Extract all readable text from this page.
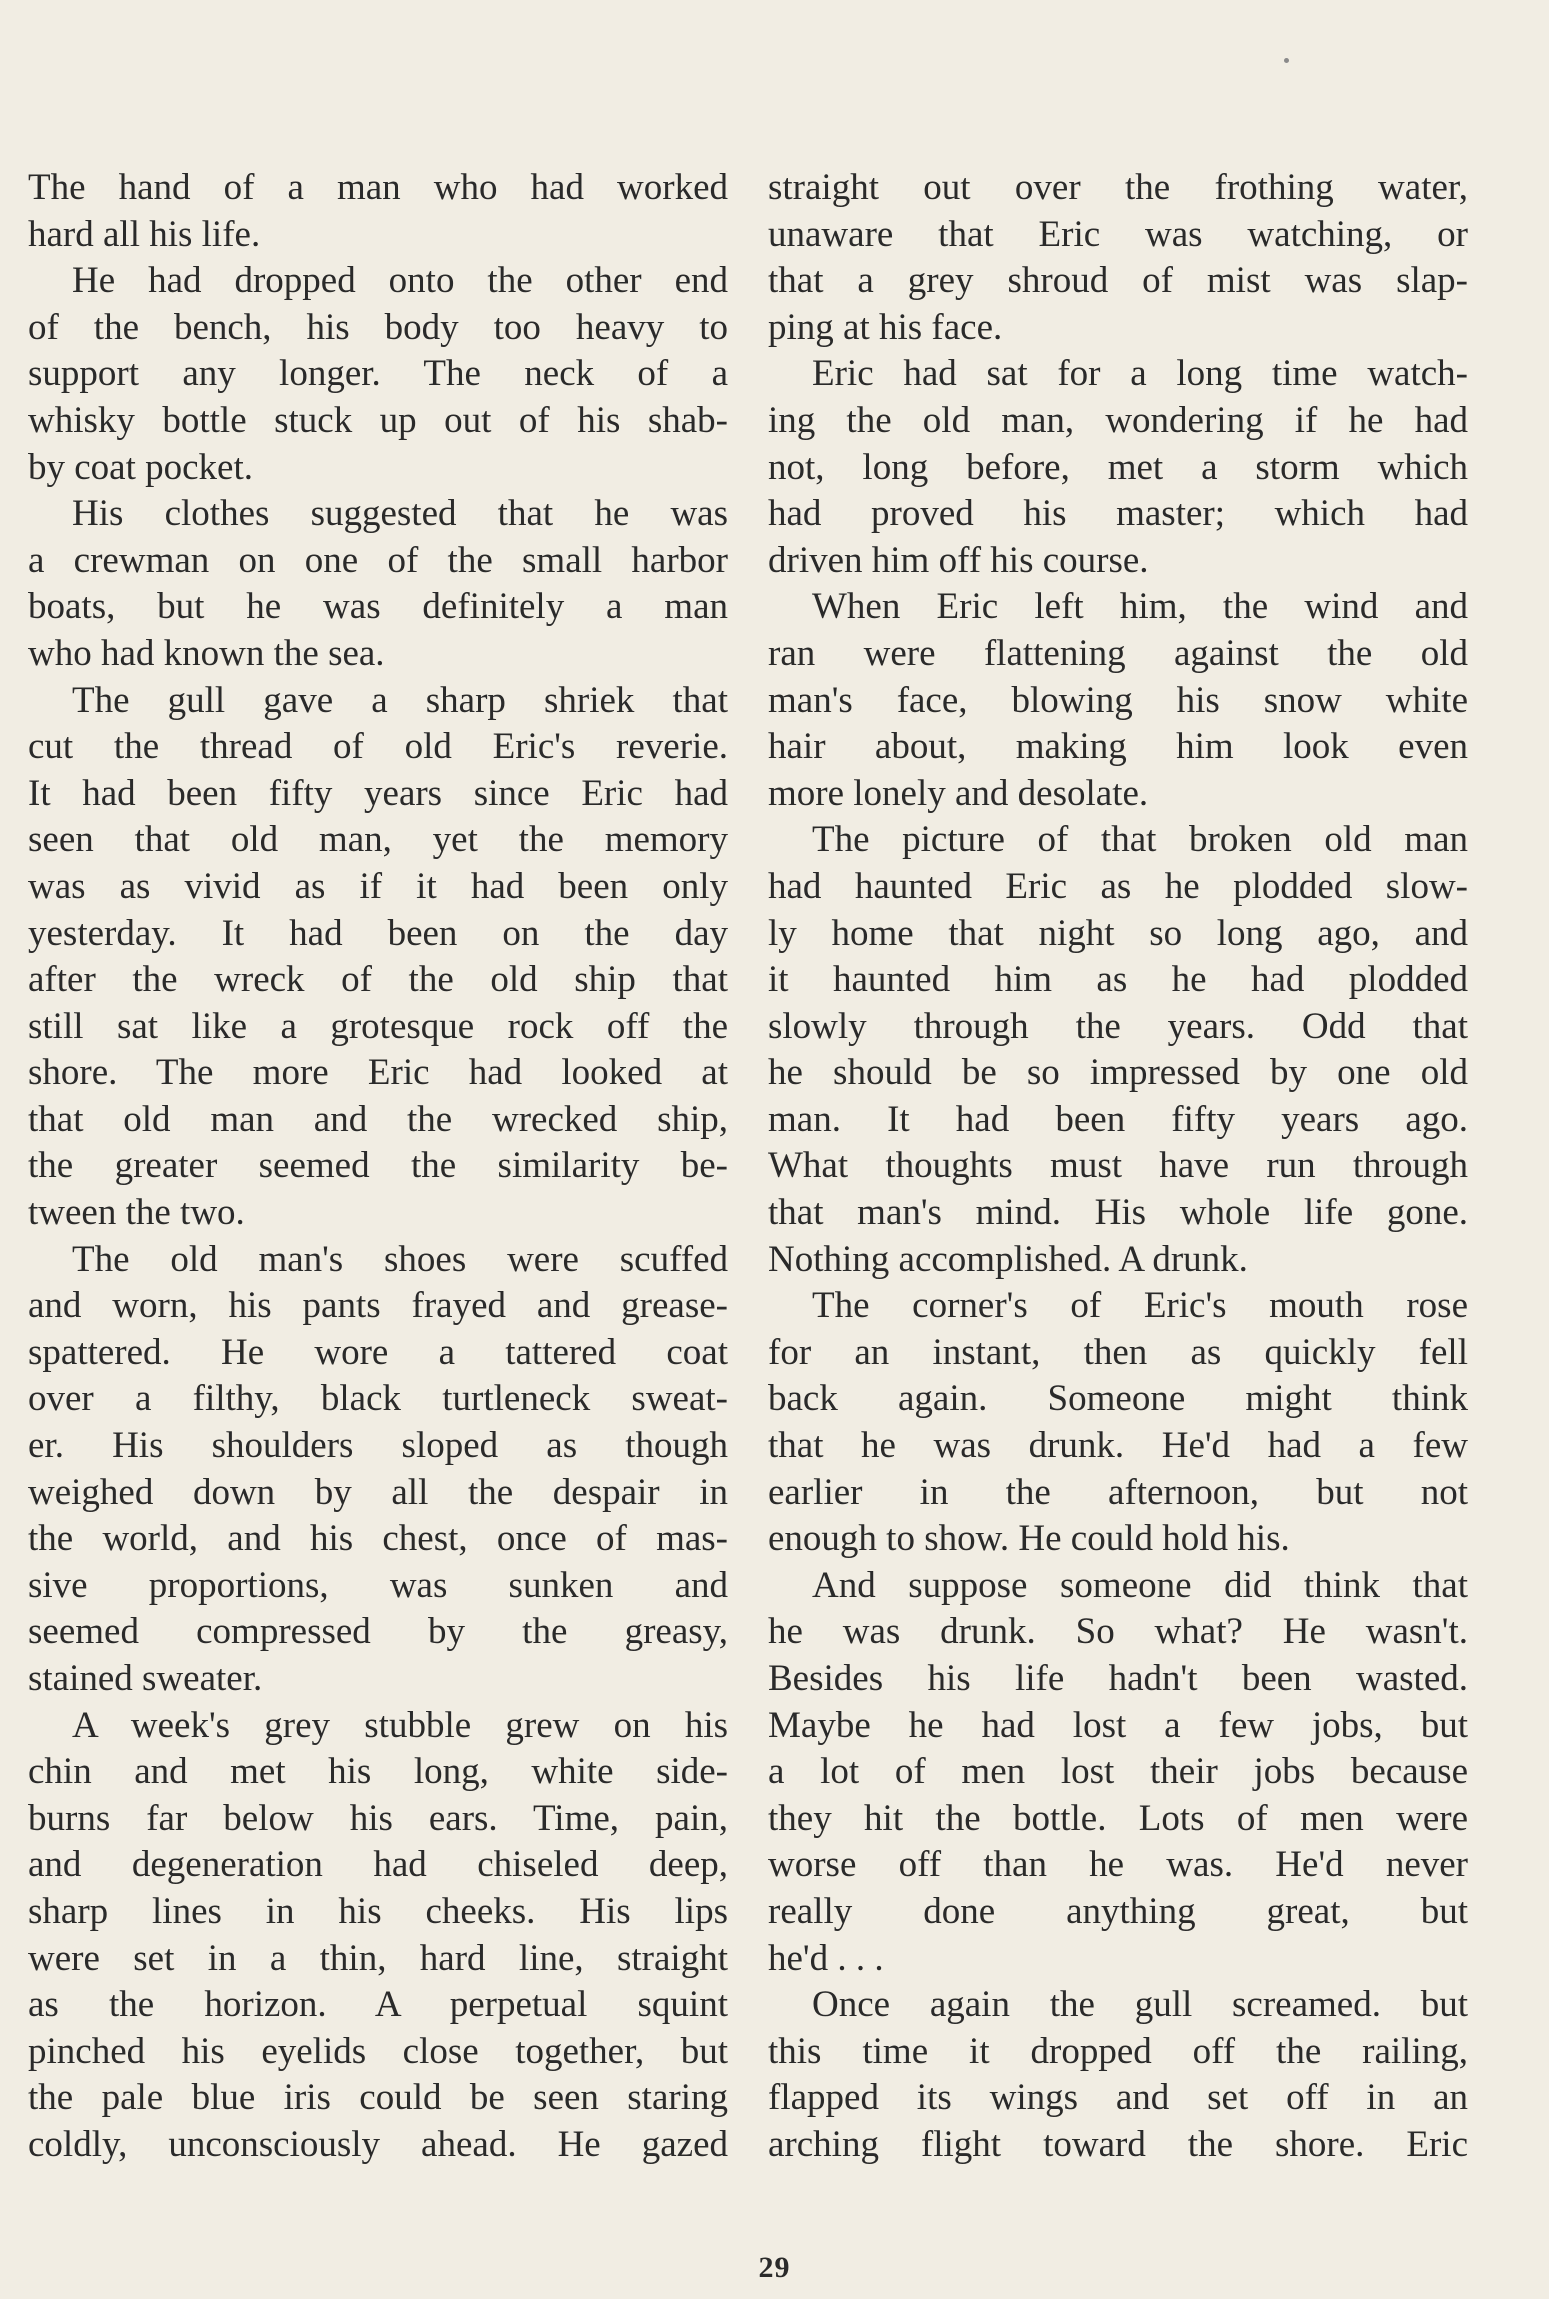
The hand of a man who had worked
hard all his life.
He had dropped onto the other end
of the bench, his body too heavy to
support any longer. The neck of a
whisky bottle stuck up out of his shab-
by coat pocket.
His clothes suggested that he was
a crewman on one of the small harbor
boats, but he was definitely a man
who had known the sea.
The gull gave a sharp shriek that
cut the thread of old Eric's reverie.
It had been fifty years since Eric had
seen that old man, yet the memory
was as vivid as if it had been only
yesterday. It had been on the day
after the wreck of the old ship that
still sat like a grotesque rock off the
shore. The more Eric had looked at
that old man and the wrecked ship,
the greater seemed the similarity be-
tween the two.
The old man's shoes were scuffed
and worn, his pants frayed and grease-
spattered. He wore a tattered coat
over a filthy, black turtleneck sweat-
er. His shoulders sloped as though
weighed down by all the despair in
the world, and his chest, once of mas-
sive proportions, was sunken and
seemed compressed by the greasy,
stained sweater.
A week's grey stubble grew on his
chin and met his long, white side-
burns far below his ears. Time, pain,
and degeneration had chiseled deep,
sharp lines in his cheeks. His lips
were set in a thin, hard line, straight
as the horizon. A perpetual squint
pinched his eyelids close together, but
the pale blue iris could be seen staring
coldly, unconsciously ahead. He gazed
straight out over the frothing water,
unaware that Eric was watching, or
that a grey shroud of mist was slap-
ping at his face.
Eric had sat for a long time watch-
ing the old man, wondering if he had
not, long before, met a storm which
had proved his master; which had
driven him off his course.
When Eric left him, the wind and
ran were flattening against the old
man's face, blowing his snow white
hair about, making him look even
more lonely and desolate.
The picture of that broken old man
had haunted Eric as he plodded slow-
ly home that night so long ago, and
it haunted him as he had plodded
slowly through the years. Odd that
he should be so impressed by one old
man. It had been fifty years ago.
What thoughts must have run through
that man's mind. His whole life gone.
Nothing accomplished. A drunk.
The corner's of Eric's mouth rose
for an instant, then as quickly fell
back again. Someone might think
that he was drunk. He'd had a few
earlier in the afternoon, but not
enough to show. He could hold his.
And suppose someone did think that
he was drunk. So what? He wasn't.
Besides his life hadn't been wasted.
Maybe he had lost a few jobs, but
a lot of men lost their jobs because
they hit the bottle. Lots of men were
worse off than he was. He'd never
really done anything great, but
he'd . . .
Once again the gull screamed. but
this time it dropped off the railing,
flapped its wings and set off in an
arching flight toward the shore. Eric
29
